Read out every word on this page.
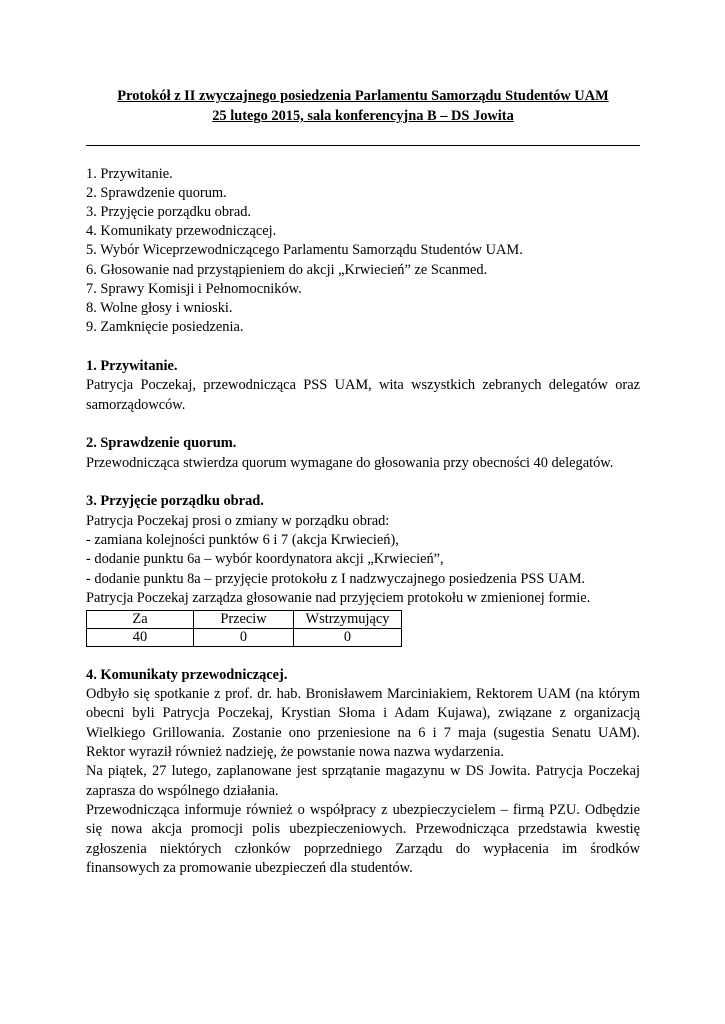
Protokół z II zwyczajnego posiedzenia Parlamentu Samorządu Studentów UAM
25 lutego 2015, sala konferencyjna B – DS Jowita
1. Przywitanie.
2. Sprawdzenie quorum.
3. Przyjęcie porządku obrad.
4. Komunikaty przewodniczącej.
5. Wybór Wiceprzewodniczącego Parlamentu Samorządu Studentów UAM.
6. Głosowanie nad przystąpieniem do akcji „Krwiecień” ze Scanmed.
7. Sprawy Komisji i Pełnomocników.
8. Wolne głosy i wnioski.
9. Zamknięcie posiedzenia.
1. Przywitanie.
Patrycja Poczekaj, przewodnicząca PSS UAM, wita wszystkich zebranych delegatów oraz
samorządowców.
2. Sprawdzenie quorum.
Przewodnicząca stwierdza quorum wymagane do głosowania przy obecności 40 delegatów.
3. Przyjęcie porządku obrad.
Patrycja Poczekaj prosi o zmiany w porządku obrad:
- zamiana kolejności punktów 6 i 7 (akcja Krwiecień),
- dodanie punktu 6a – wybór koordynatora akcji „Krwiecień”,
- dodanie punktu 8a – przyjęcie protokołu z I nadzwyczajnego posiedzenia PSS UAM.
Patrycja Poczekaj zarządza głosowanie nad przyjęciem protokołu w zmienionej formie.
Za	Przeciw	Wstrzymujący
40	0	0
4. Komunikaty przewodniczącej.
Odbyło się spotkanie z prof. dr. hab. Bronisławem Marciniakiem, Rektorem UAM (na którym
obecni byli Patrycja Poczekaj, Krystian Słoma i Adam Kujawa), związane z organizacją
Wielkiego Grillowania. Zostanie ono przeniesione na 6 i 7 maja (sugestia Senatu UAM).
Rektor wyraził również nadzieję, że powstanie nowa nazwa wydarzenia.
Na piątek, 27 lutego, zaplanowane jest sprzątanie magazynu w DS Jowita. Patrycja Poczekaj
zaprasza do wspólnego działania.
Przewodnicząca informuje również o współpracy z ubezpieczycielem – firmą PZU. Odbędzie
się nowa akcja promocji polis ubezpieczeniowych. Przewodnicząca przedstawia kwestię
zgłoszenia niektórych członków poprzedniego Zarządu do wypłacenia im środków
finansowych za promowanie ubezpieczeń dla studentów.
